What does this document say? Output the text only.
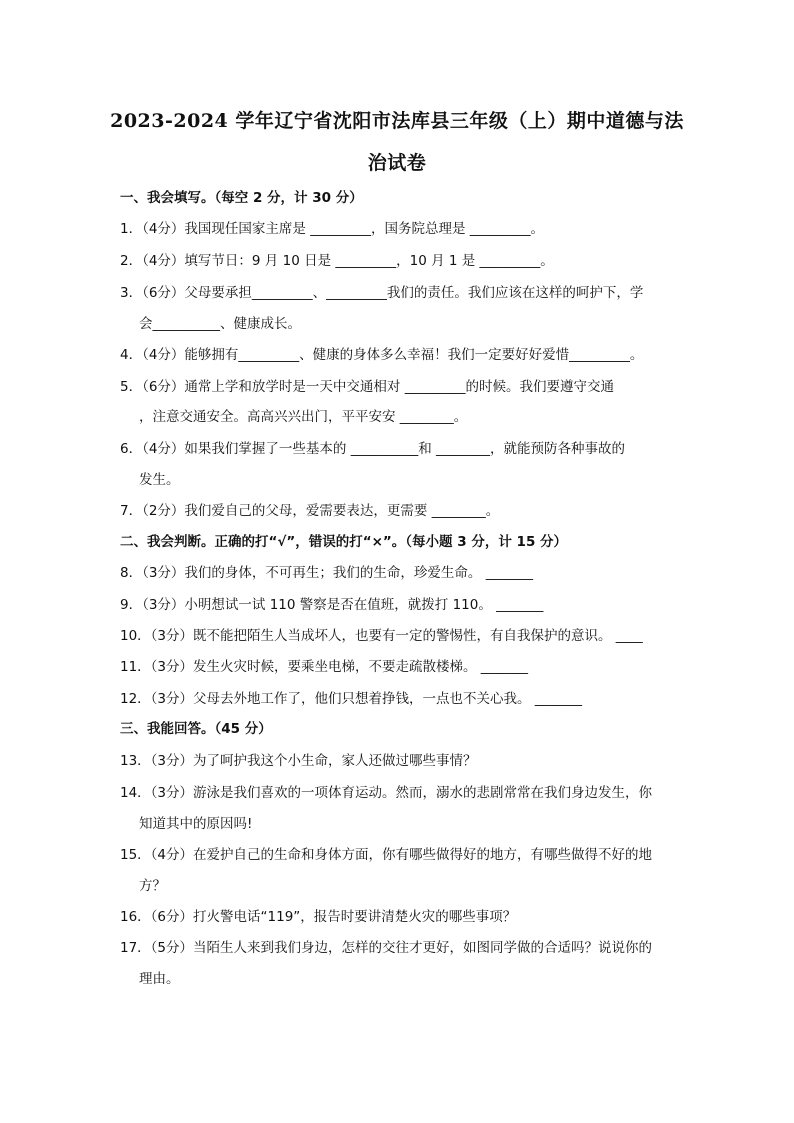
2023-2024 学年辽宁省沈阳市法库县三年级（上）期中道德与法
治试卷
一、我会填写。（每空 2 分，计 30 分）
1．（4分）我国现任国家主席是 _________，国务院总理是 _________。
2．（4分）填写节日：9 月 10 日是 _________，10 月 1 是 _________。
3．（6分）父母要承担_________、_________我们的责任。我们应该在这样的呵护下，学
会__________、健康成长。
4．（4分）能够拥有_________、健康的身体多么幸福！我们一定要好好爱惜_________。
5．（6分）通常上学和放学时是一天中交通相对 _________的时候。我们要遵守交通
，注意交通安全。高高兴兴出门，平平安安 ________。
6．（4分）如果我们掌握了一些基本的 __________和 ________，就能预防各种事故的
发生。
7．（2分）我们爱自己的父母，爱需要表达，更需要 ________。
二、我会判断。正确的打“√”，错误的打“×”。（每小题 3 分，计 15 分）
8．（3分）我们的身体，不可再生；我们的生命，珍爱生命。 _______
9．（3分）小明想试一试 110 警察是否在值班，就拨打 110。 _______
10．（3分）既不能把陌生人当成坏人，也要有一定的警惕性，有自我保护的意识。 ____
11．（3分）发生火灾时候，要乘坐电梯，不要走疏散楼梯。 _______
12．（3分）父母去外地工作了，他们只想着挣钱，一点也不关心我。 _______
三、我能回答。（45 分）
13．（3分）为了呵护我这个小生命，家人还做过哪些事情？
14．（3分）游泳是我们喜欢的一项体育运动。然而，溺水的悲剧常常在我们身边发生，你
知道其中的原因吗!
15．（4分）在爱护自己的生命和身体方面，你有哪些做得好的地方，有哪些做得不好的地
方？
16．（6分）打火警电话“119”，报告时要讲清楚火灾的哪些事项？
17．（5分）当陌生人来到我们身边，怎样的交往才更好，如图同学做的合适吗？说说你的
理由。
